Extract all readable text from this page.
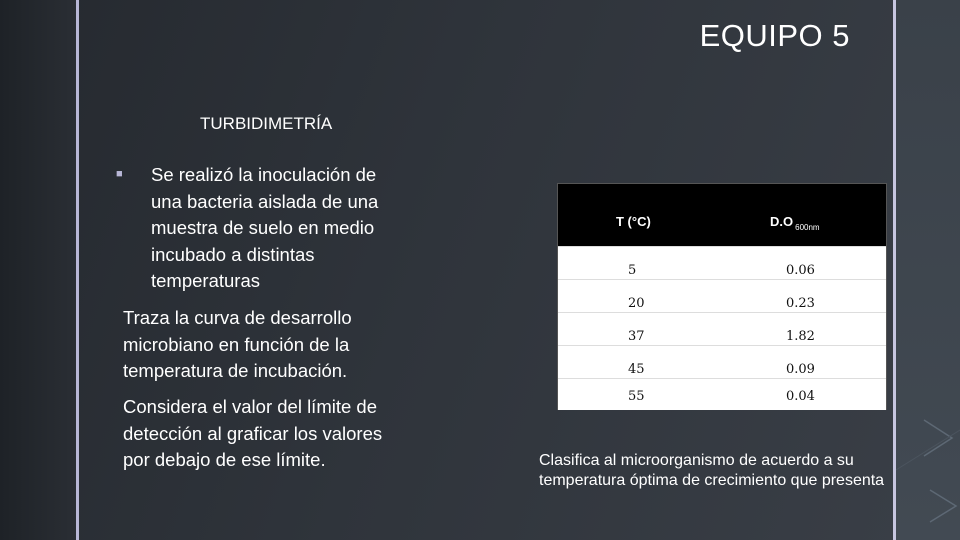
EQUIPO 5
TURBIDIMETRÍA
■ Se realizó la inoculación de una bacteria aislada de una muestra de suelo en medio incubado a distintas temperaturas
Traza la curva de desarrollo microbiano en función de la temperatura de incubación.
Considera el valor del límite de detección al graficar los valores por debajo de ese límite.
T (°C)	D.O $_{600nm}$
5	0.06
20	0.23
37	1.82
45	0.09
55	0.04
Clasifica al microorganismo de acuerdo a su temperatura óptima de crecimiento que presenta
